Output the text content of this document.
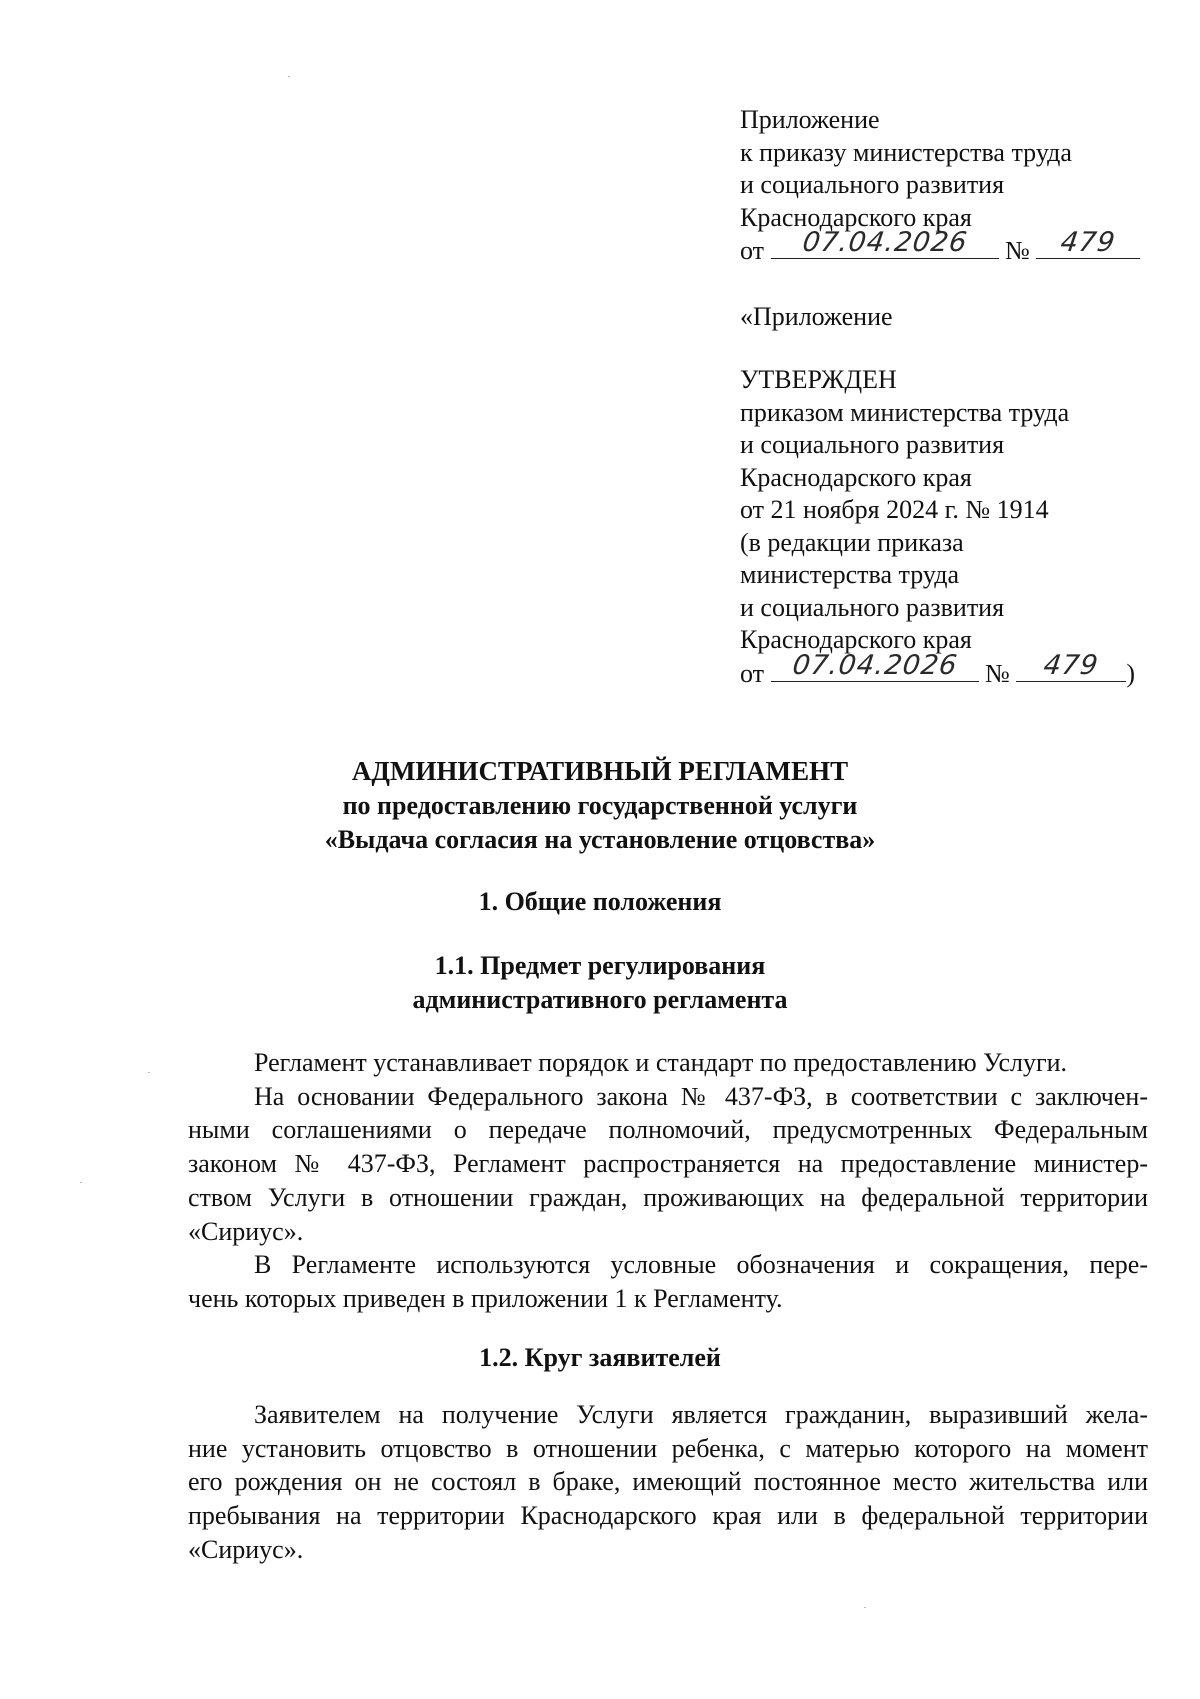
Приложение
к приказу министерства труда
и социального развития
Краснодарского края
от	07.04.2026	№	479
«Приложение
УТВЕРЖДЕН
приказом министерства труда
и социального развития
Краснодарского края
от 21 ноября 2024 г. № 1914
(в редакции приказа
министерства труда
и социального развития
Краснодарского края
от 07.04.2026 №	479 )
АДМИНИСТРАТИВНЫЙ РЕГЛАМЕНТ
по предоставлению государственной услуги
«Выдача согласия на установление отцовства»
1. Общие положения
1.1. Предмет регулирования
административного регламента
Регламент устанавливает порядок и стандарт по предоставлению Услуги.
На основании Федерального закона № 437-ФЗ, в соответствии с заключен-
ными соглашениями о передаче полномочий, предусмотренных Федеральным
законом № 437-ФЗ, Регламент распространяется на предоставление министер-
ством Услуги в отношении граждан, проживающих на федеральной территории
«Сириус».
В Регламенте используются условные обозначения и сокращения, пере-
чень которых приведен в приложении 1 к Регламенту.
1.2. Круг заявителей
Заявителем на получение Услуги является гражданин, выразивший жела-
ние установить отцовство в отношении ребенка, с матерью которого на момент
его рождения он не состоял в браке, имеющий постоянное место жительства или
пребывания на территории Краснодарского края или в федеральной территории
«Сириус».
